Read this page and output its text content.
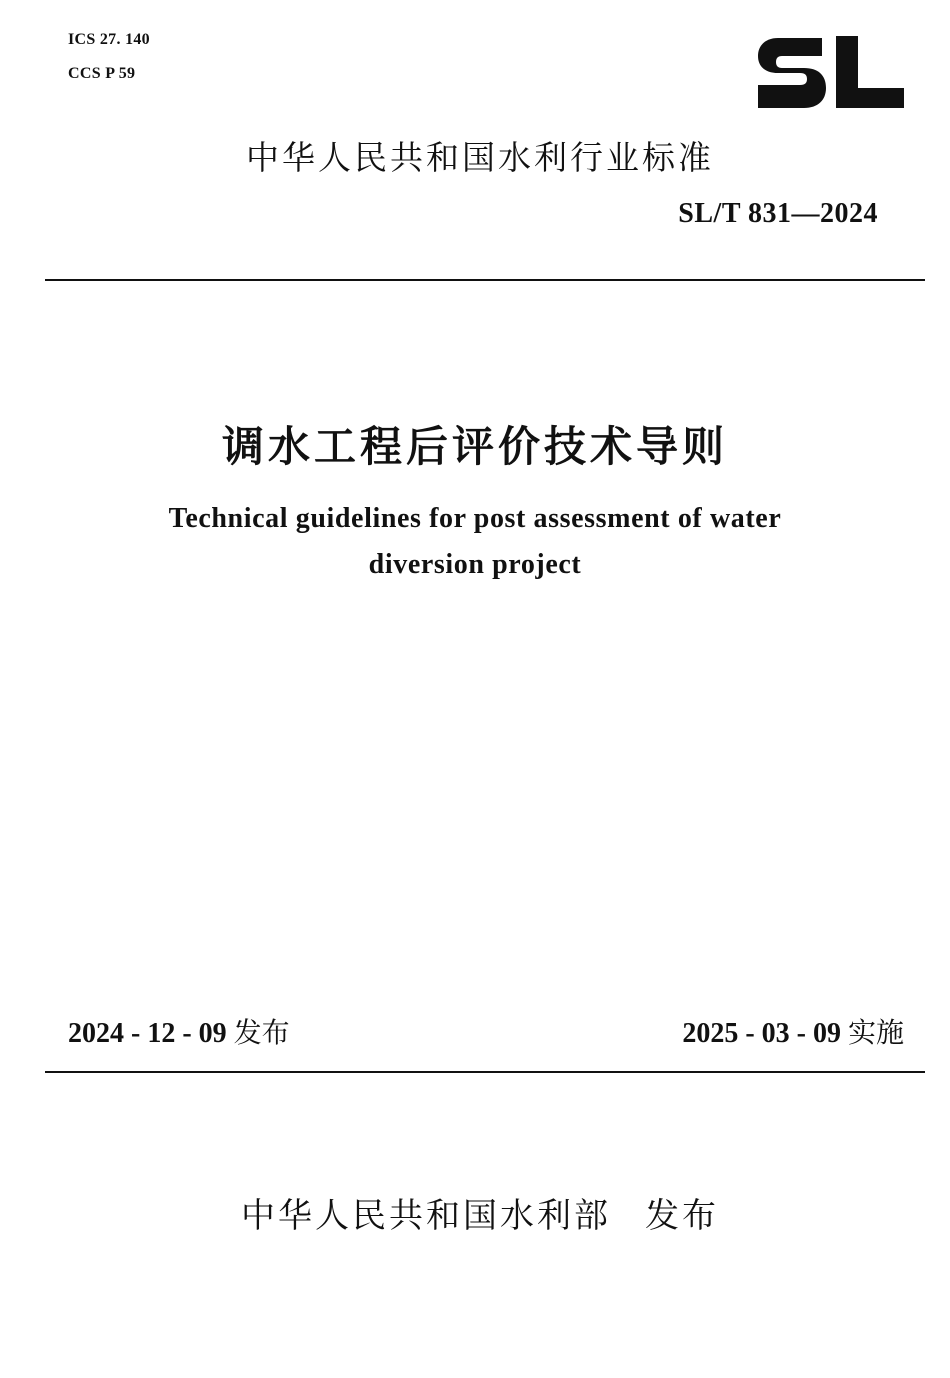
ICS 27. 140
CCS P 59
中华人民共和国水利行业标准
SL/T 831—2024
调水工程后评价技术导则
Technical guidelines for post assessment of water
diversion project
2024 - 12 - 09 发布	2025 - 03 - 09 实施
中华人民共和国水利部 发布
